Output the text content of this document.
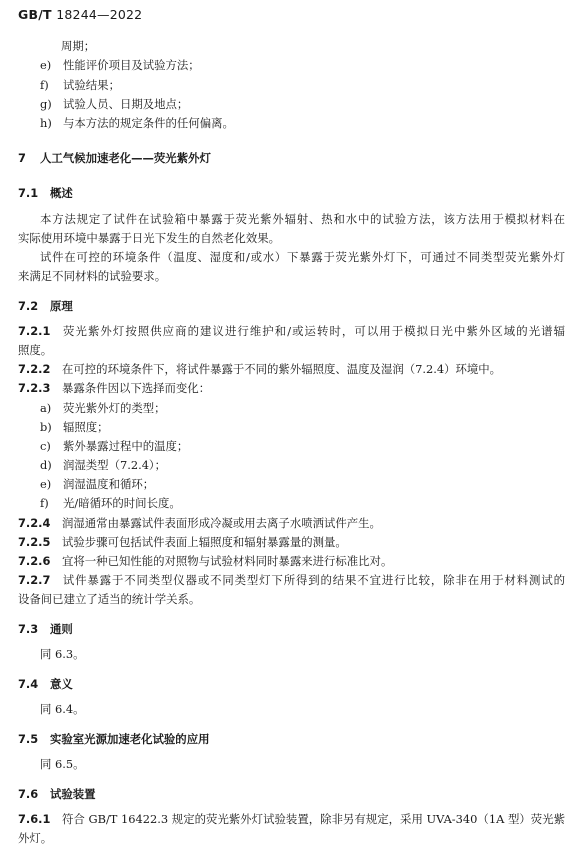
GB/T 18244—2022
周期；
e) 性能评价项目及试验方法；
f) 试验结果；
g) 试验人员、日期及地点；
h) 与本方法的规定条件的任何偏离。
7 人工气候加速老化——荧光紫外灯
7.1 概述
本方法规定了试件在试验箱中暴露于荧光紫外辐射、热和水中的试验方法，该方法用于模拟材料在
实际使用环境中暴露于日光下发生的自然老化效果。
试件在可控的环境条件（温度、湿度和/或水）下暴露于荧光紫外灯下，可通过不同类型荧光紫外灯
来满足不同材料的试验要求。
7.2 原理
7.2.1 荧光紫外灯按照供应商的建议进行维护和/或运转时，可以用于模拟日光中紫外区域的光谱辐
照度。
7.2.2 在可控的环境条件下，将试件暴露于不同的紫外辐照度、温度及湿润（7.2.4）环境中。
7.2.3 暴露条件因以下选择而变化：
a) 荧光紫外灯的类型；
b) 辐照度；
c) 紫外暴露过程中的温度；
d) 润湿类型（7.2.4）；
e) 润湿温度和循环；
f) 光/暗循环的时间长度。
7.2.4 润湿通常由暴露试件表面形成冷凝或用去离子水喷洒试件产生。
7.2.5 试验步骤可包括试件表面上辐照度和辐射暴露量的测量。
7.2.6 宜将一种已知性能的对照物与试验材料同时暴露来进行标准比对。
7.2.7 试件暴露于不同类型仪器或不同类型灯下所得到的结果不宜进行比较，除非在用于材料测试的
设备间已建立了适当的统计学关系。
7.3 通则
同 6.3。
7.4 意义
同 6.4。
7.5 实验室光源加速老化试验的应用
同 6.5。
7.6 试验装置
7.6.1 符合 GB/T 16422.3 规定的荧光紫外灯试验装置，除非另有规定，采用 UVA-340（1A 型）荧光紫
外灯。
